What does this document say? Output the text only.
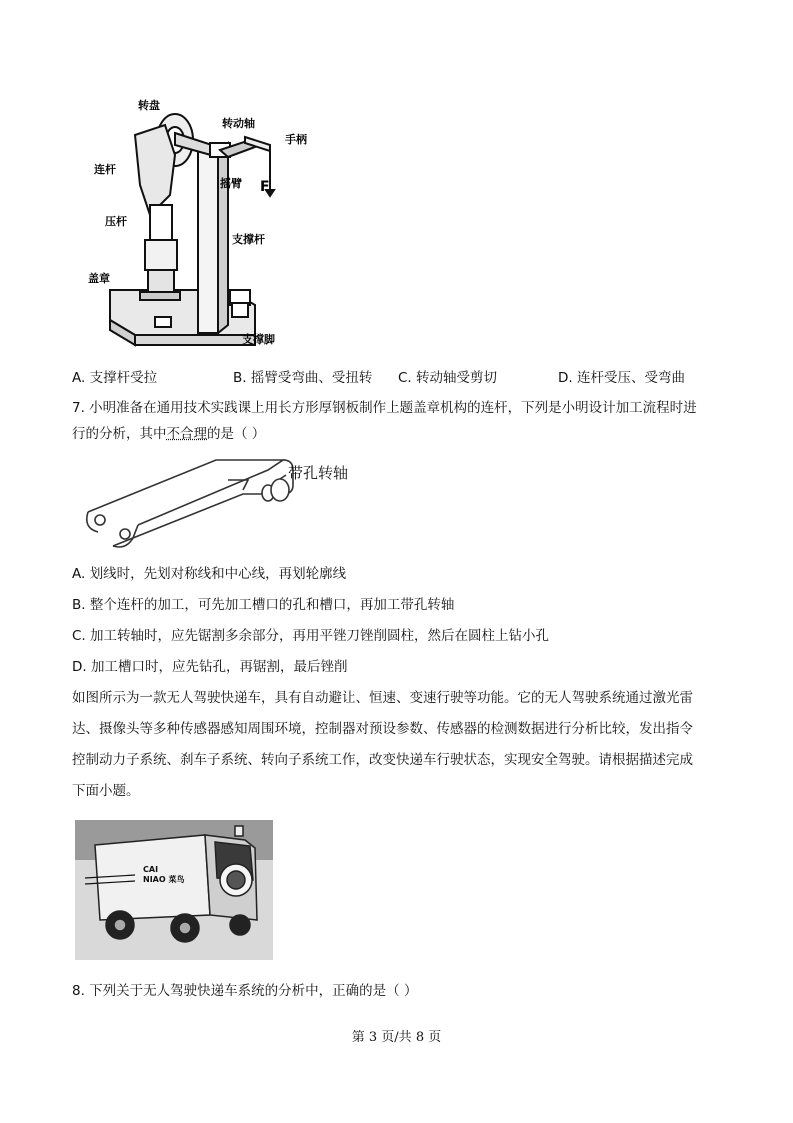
转盘
转动轴
手柄
连杆
摇臂 F
压杆
支撑杆
盖章
支撑脚
A. 支撑杆受拉	B. 摇臂受弯曲、受扭转 C. 转动轴受剪切	D. 连杆受压、受弯曲
7. 小明准备在通用技术实践课上用长方形厚钢板制作上题盖章机构的连杆，下列是小明设计加工流程时进
行的分析，其中不合理的是（ ）
带孔转轴
A. 划线时，先划对称线和中心线，再划轮廓线
B. 整个连杆的加工，可先加工槽口的孔和槽口，再加工带孔转轴
C. 加工转轴时，应先锯割多余部分，再用平锉刀锉削圆柱，然后在圆柱上钻小孔
D. 加工槽口时，应先钻孔，再锯割，最后锉削
如图所示为一款无人驾驶快递车，具有自动避让、恒速、变速行驶等功能。它的无人驾驶系统通过激光雷
达、摄像头等多种传感器感知周围环境，控制器对预设参数、传感器的检测数据进行分析比较，发出指令
控制动力子系统、刹车子系统、转向子系统工作，改变快递车行驶状态，实现安全驾驶。请根据描述完成
下面小题。
CAI
NIAO 菜鸟
8. 下列关于无人驾驶快递车系统的分析中，正确的是（ ）
第 3 页/共 8 页
